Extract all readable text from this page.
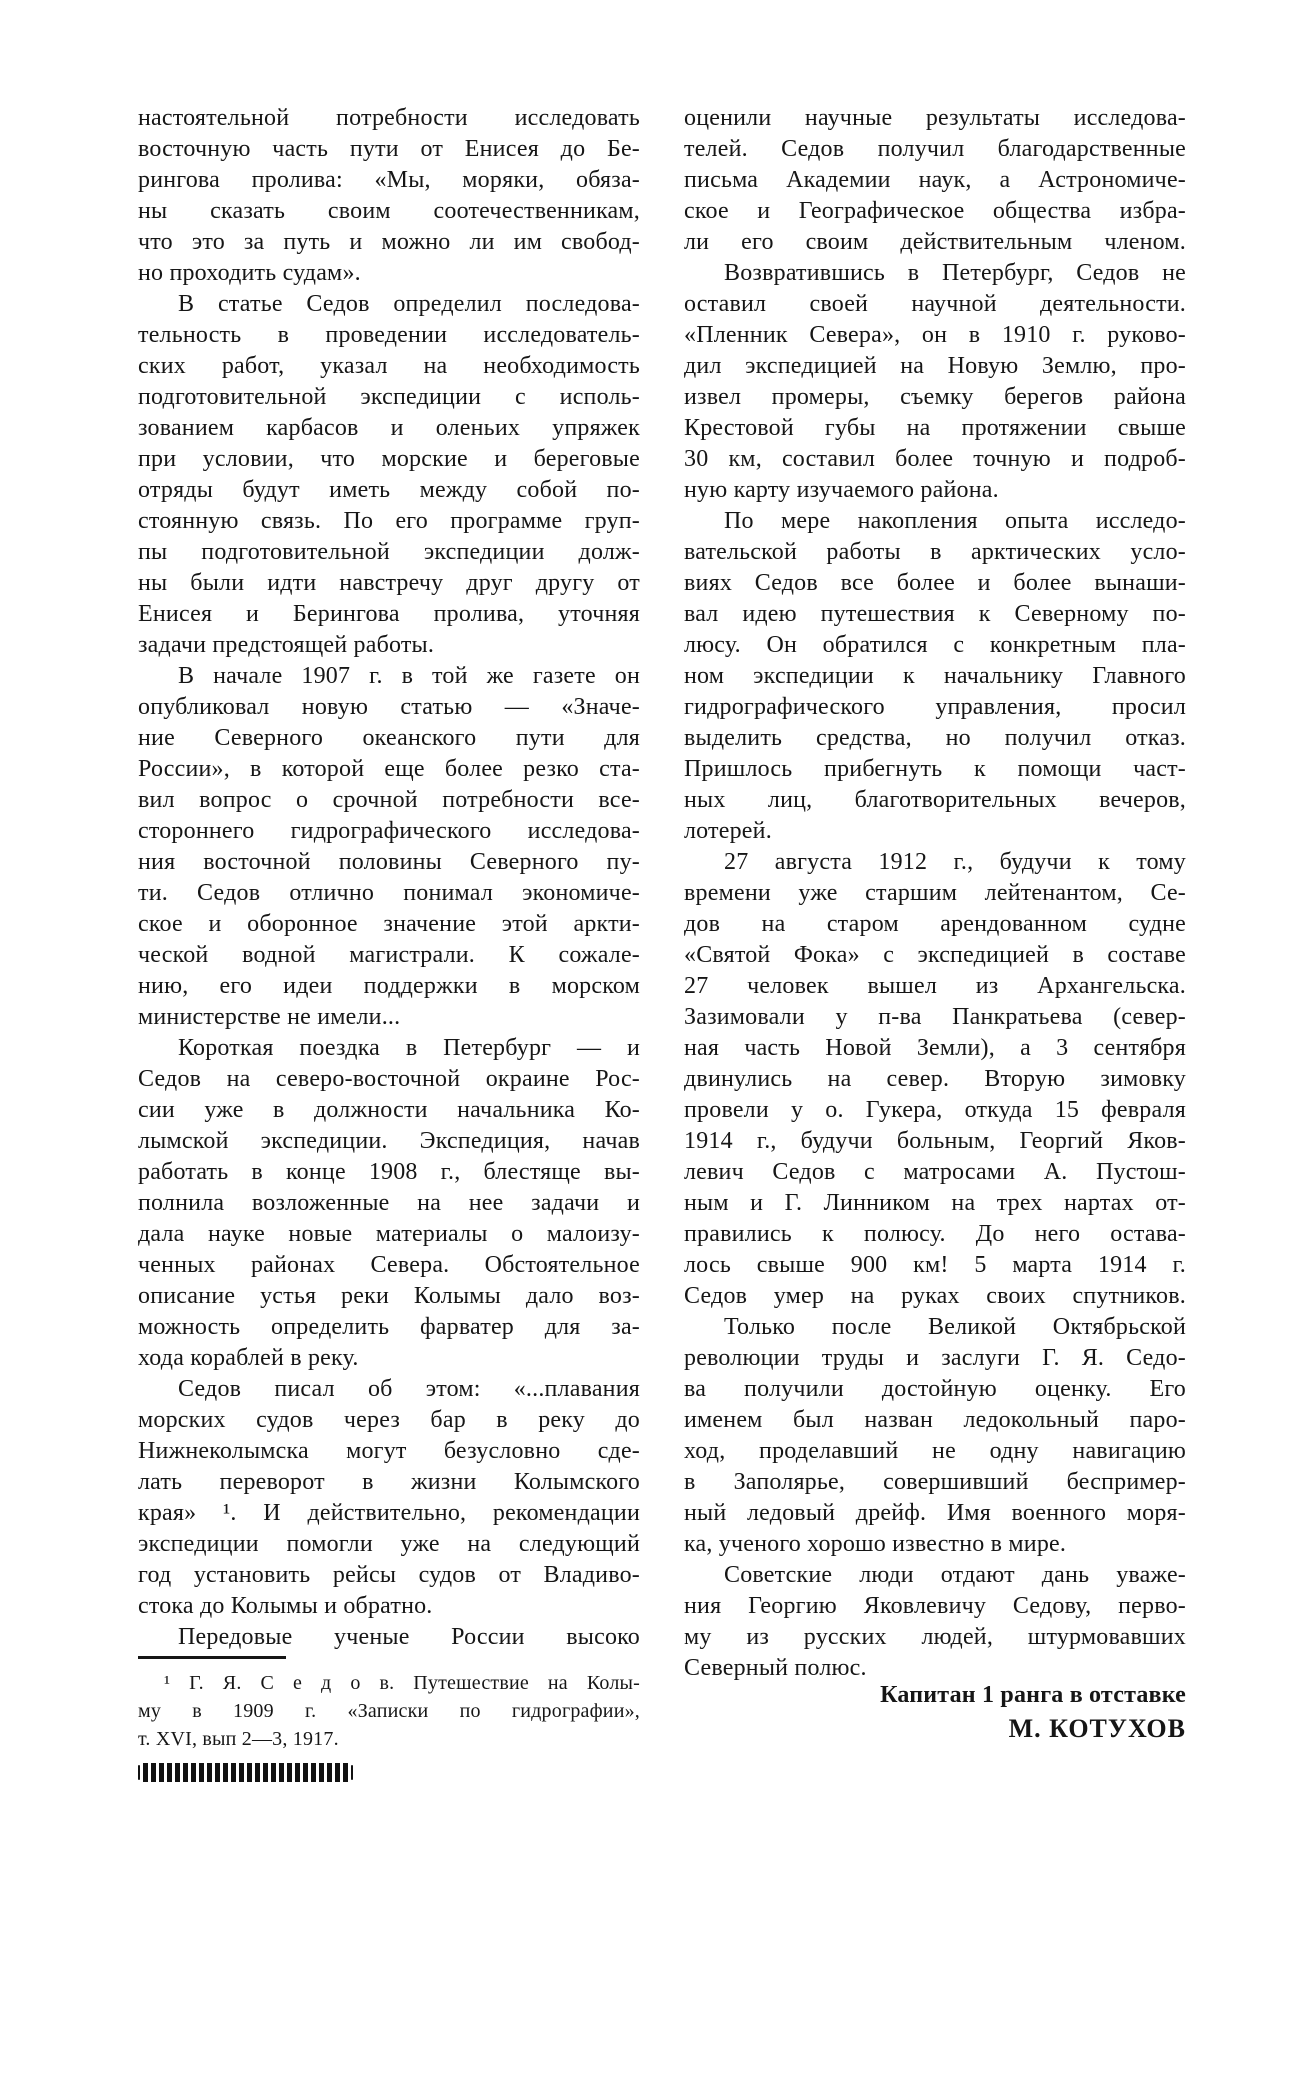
настоятельной потребности исследовать
восточную часть пути от Енисея до Бе-
рингова пролива: «Мы, моряки, обяза-
ны сказать своим соотечественникам,
что это за путь и можно ли им свобод-
но проходить судам».
В статье Седов определил последова-
тельность в проведении исследователь-
ских работ, указал на необходимость
подготовительной экспедиции с исполь-
зованием карбасов и оленьих упряжек
при условии, что морские и береговые
отряды будут иметь между собой по-
стоянную связь. По его программе груп-
пы подготовительной экспедиции долж-
ны были идти навстречу друг другу от
Енисея и Берингова пролива, уточняя
задачи предстоящей работы.
В начале 1907 г. в той же газете он
опубликовал новую статью — «Значе-
ние Северного океанского пути для
России», в которой еще более резко ста-
вил вопрос о срочной потребности все-
стороннего гидрографического исследова-
ния восточной половины Северного пу-
ти. Седов отлично понимал экономиче-
ское и оборонное значение этой аркти-
ческой водной магистрали. К сожале-
нию, его идеи поддержки в морском
министерстве не имели...
Короткая поездка в Петербург — и
Седов на северо-восточной окраине Рос-
сии уже в должности начальника Ко-
лымской экспедиции. Экспедиция, начав
работать в конце 1908 г., блестяще вы-
полнила возложенные на нее задачи и
дала науке новые материалы о малоизу-
ченных районах Севера. Обстоятельное
описание устья реки Колымы дало воз-
можность определить фарватер для за-
хода кораблей в реку.
Седов писал об этом: «...плавания
морских судов через бар в реку до
Нижнеколымска могут безусловно сде-
лать переворот в жизни Колымского
края» ¹. И действительно, рекомендации
экспедиции помогли уже на следующий
год установить рейсы судов от Владиво-
стока до Колымы и обратно.
Передовые ученые России высоко
оценили научные результаты исследова-
телей. Седов получил благодарственные
письма Академии наук, а Астрономиче-
ское и Географическое общества избра-
ли его своим действительным членом.
Возвратившись в Петербург, Седов не
оставил своей научной деятельности.
«Пленник Севера», он в 1910 г. руково-
дил экспедицией на Новую Землю, про-
извел промеры, съемку берегов района
Крестовой губы на протяжении свыше
30 км, составил более точную и подроб-
ную карту изучаемого района.
По мере накопления опыта исследо-
вательской работы в арктических усло-
виях Седов все более и более вынаши-
вал идею путешествия к Северному по-
люсу. Он обратился с конкретным пла-
ном экспедиции к начальнику Главного
гидрографического управления, просил
выделить средства, но получил отказ.
Пришлось прибегнуть к помощи част-
ных лиц, благотворительных вечеров,
лотерей.
27 августа 1912 г., будучи к тому
времени уже старшим лейтенантом, Се-
дов на старом арендованном судне
«Святой Фока» с экспедицией в составе
27 человек вышел из Архангельска.
Зазимовали у п-ва Панкратьева (север-
ная часть Новой Земли), а 3 сентября
двинулись на север. Вторую зимовку
провели у о. Гукера, откуда 15 февраля
1914 г., будучи больным, Георгий Яков-
левич Седов с матросами А. Пустош-
ным и Г. Линником на трех нартах от-
правились к полюсу. До него остава-
лось свыше 900 км! 5 марта 1914 г.
Седов умер на руках своих спутников.
Только после Великой Октябрьской
революции труды и заслуги Г. Я. Седо-
ва получили достойную оценку. Его
именем был назван ледокольный паро-
ход, проделавший не одну навигацию
в Заполярье, совершивший беспример-
ный ледовый дрейф. Имя военного моря-
ка, ученого хорошо известно в мире.
Советские люди отдают дань уваже-
ния Георгию Яковлевичу Седову, перво-
му из русских людей, штурмовавших
Северный полюс.
¹ Г. Я. С е д о в. Путешествие на Колы-
му в 1909 г. «Записки по гидрографии»,
т. XVI, вып 2—3, 1917.
Капитан 1 ранга в отставке
М. КОТУХОВ
